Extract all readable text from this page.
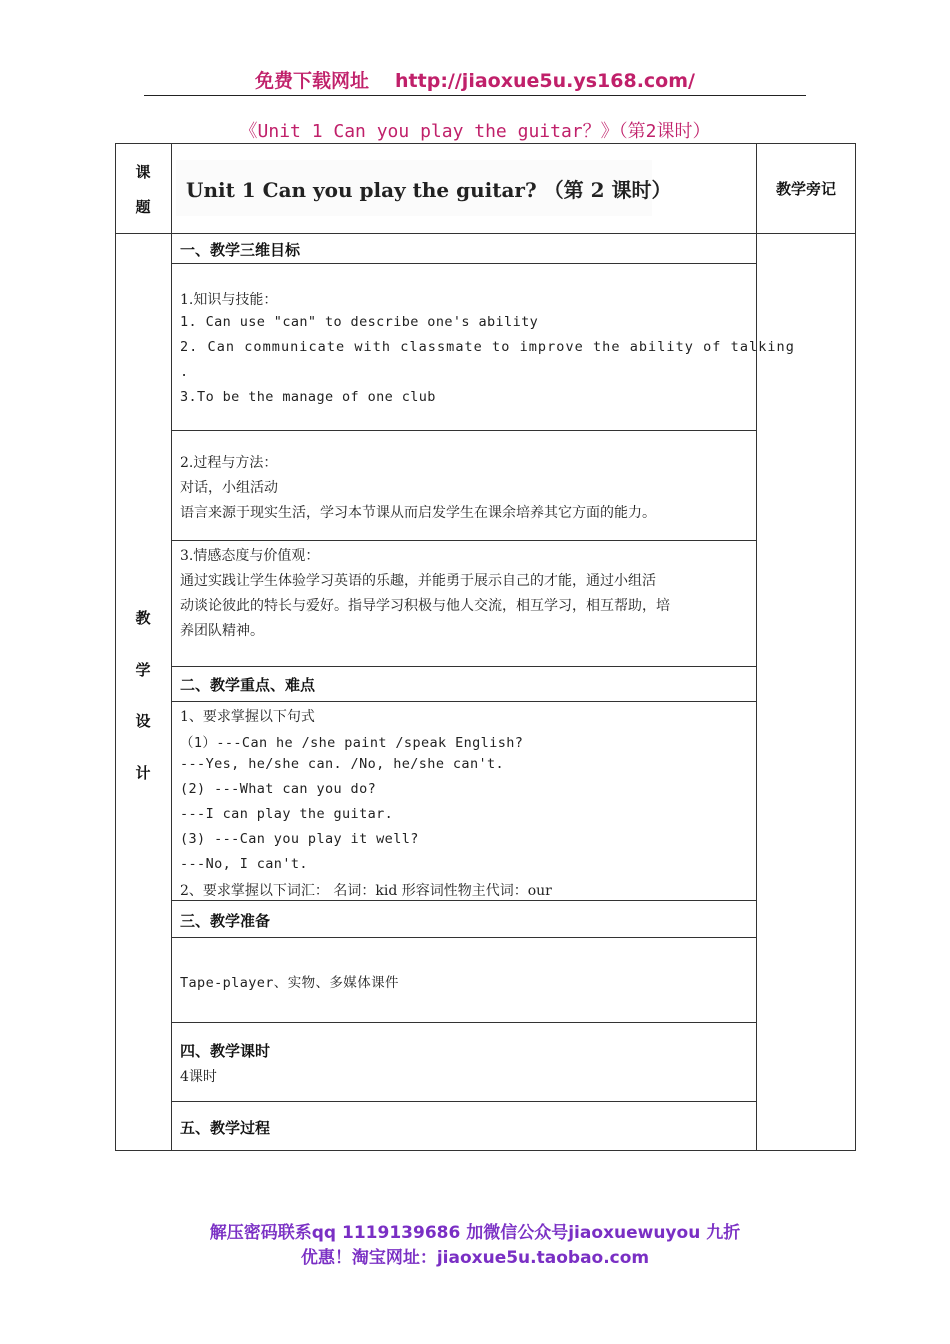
免费下载网址 http://jiaoxue5u.ys168.com/
《Unit 1 Can you play the guitar？》（第2课时）
课
题
Unit 1 Can you play the guitar? （第 2 课时）	教学旁记
教
学
设
计
一、教学三维目标
1.知识与技能：
1. Can use "can" to describe one's ability
2. Can communicate with classmate to improve the ability of talking
.
3.To be the manage of one club
2.过程与方法：
对话，小组活动
语言来源于现实生活，学习本节课从而启发学生在课余培养其它方面的能力。
3.情感态度与价值观：
通过实践让学生体验学习英语的乐趣，并能勇于展示自己的才能，通过小组活
动谈论彼此的特长与爱好。指导学习积极与他人交流，相互学习，相互帮助，培
养团队精神。
二、教学重点、难点
1、要求掌握以下句式
（1）---Can he /she paint /speak English?
---Yes, he/she can. /No, he/she can't.
(2) ---What can you do?
---I can play the guitar.
(3) ---Can you play it well?
---No, I can't.
2、要求掌握以下词汇： 名词：kid 形容词性物主代词：our
三、教学准备
Tape-player、实物、多媒体课件
四、教学课时
4课时
五、教学过程
解压密码联系qq 1119139686 加微信公众号jiaoxuewuyou 九折
优惠！淘宝网址：jiaoxue5u.taobao.com
